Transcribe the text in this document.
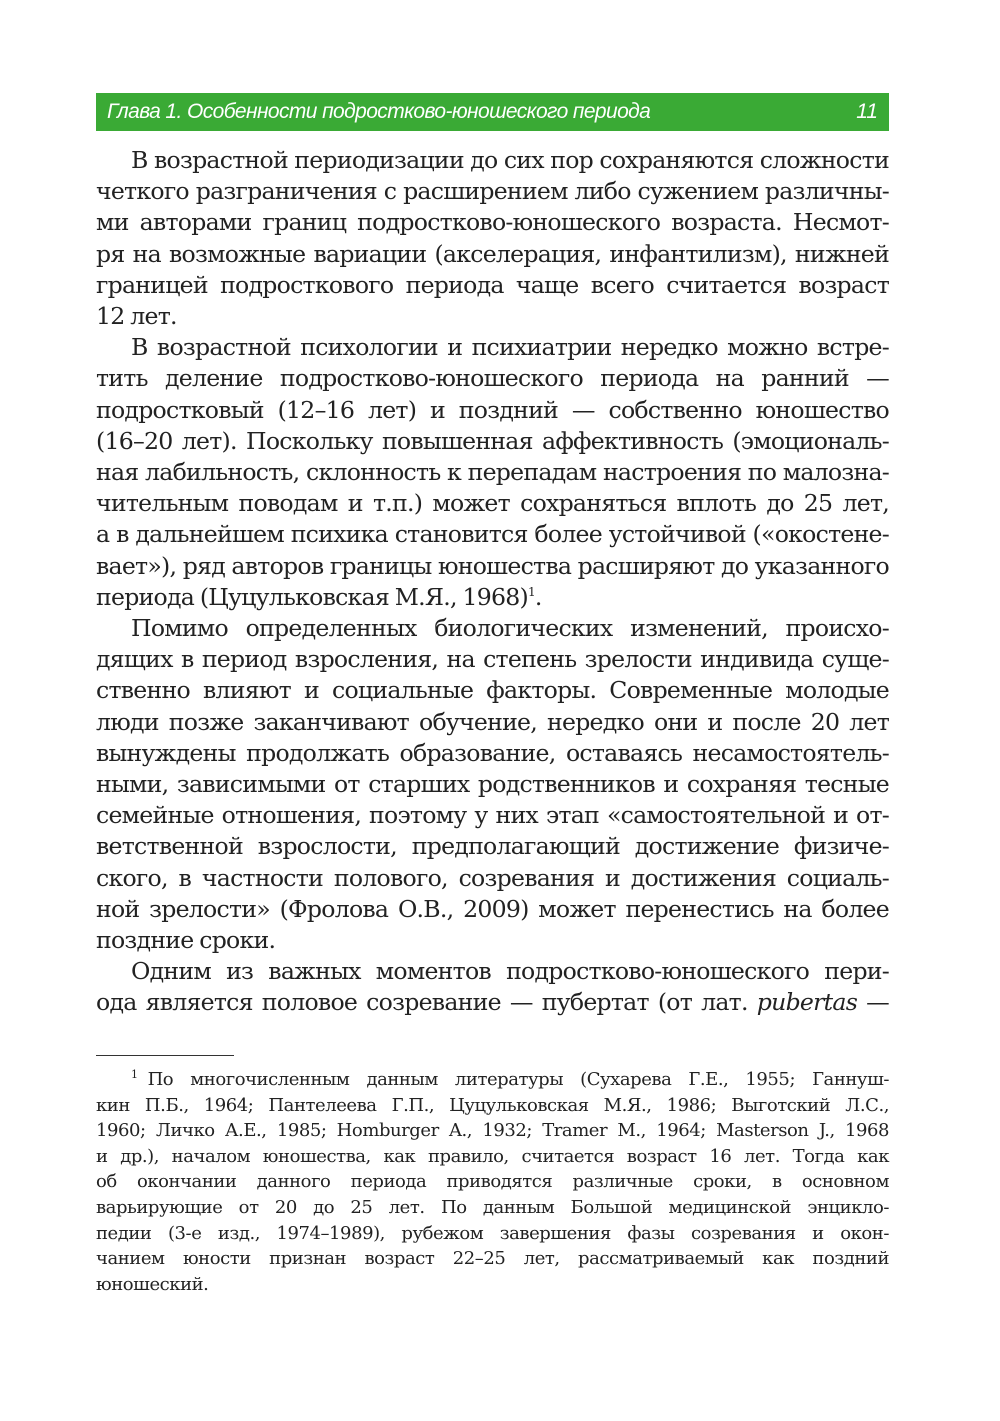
Глава 1. Особенности подростково-юношеского периода	11
В возрастной периодизации до сих пор сохраняются сложности
четкого разграничения с расширением либо сужением различны-
ми авторами границ подростково-юношеского возраста. Несмот-
ря на возможные вариации (акселерация, инфантилизм), нижней
границей подросткового периода чаще всего считается возраст
12 лет.
В возрастной психологии и психиатрии нередко можно встре-
тить деление подростково-юношеского периода на ранний —
подростковый (12–16 лет) и поздний — собственно юношество
(16–20 лет). Поскольку повышенная аффективность (эмоциональ-
ная лабильность, склонность к перепадам настроения по малозна-
чительным поводам и т.п.) может сохраняться вплоть до 25 лет,
а в дальнейшем психика становится более устойчивой («окостене-
вает»), ряд авторов границы юношества расширяют до указанного
периода (Цуцульковская М.Я., 1968)$^1$.
Помимо определенных биологических изменений, происхо-
дящих в период взросления, на степень зрелости индивида суще-
ственно влияют и социальные факторы. Современные молодые
люди позже заканчивают обучение, нередко они и после 20 лет
вынуждены продолжать образование, оставаясь несамостоятель-
ными, зависимыми от старших родственников и сохраняя тесные
семейные отношения, поэтому у них этап «самостоятельной и от-
ветственной взрослости, предполагающий достижение физиче-
ского, в частности полового, созревания и достижения социаль-
ной зрелости» (Фролова О.В., 2009) может перенестись на более
поздние сроки.
Одним из важных моментов подростково-юношеского пери-
ода является половое созревание — пубертат (от лат. pubertas —
$^1$ По многочисленным данным литературы (Сухарева Г.Е., 1955; Ганнуш-
кин П.Б., 1964; Пантелеева Г.П., Цуцульковская М.Я., 1986; Выготский Л.С.,
1960; Личко А.Е., 1985; Homburger A., 1932; Tramer M., 1964; Masterson J., 1968
и др.), началом юношества, как правило, считается возраст 16 лет. Тогда как
об окончании данного периода приводятся различные сроки, в основном
варьирующие от 20 до 25 лет. По данным Большой медицинской энцикло-
педии (3-е изд., 1974–1989), рубежом завершения фазы созревания и окон-
чанием юности признан возраст 22–25 лет, рассматриваемый как поздний
юношеский.
